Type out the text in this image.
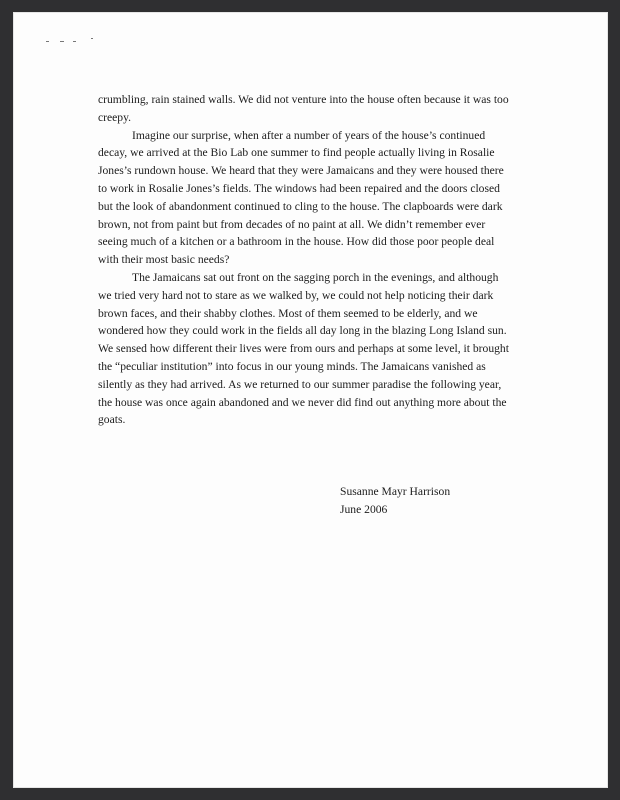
crumbling, rain stained walls. We did not venture into the house often because it was too
creepy.
Imagine our surprise, when after a number of years of the house’s continued
decay, we arrived at the Bio Lab one summer to find people actually living in Rosalie
Jones’s rundown house. We heard that they were Jamaicans and they were housed there
to work in Rosalie Jones’s fields. The windows had been repaired and the doors closed
but the look of abandonment continued to cling to the house. The clapboards were dark
brown, not from paint but from decades of no paint at all. We didn’t remember ever
seeing much of a kitchen or a bathroom in the house. How did those poor people deal
with their most basic needs?
The Jamaicans sat out front on the sagging porch in the evenings, and although
we tried very hard not to stare as we walked by, we could not help noticing their dark
brown faces, and their shabby clothes. Most of them seemed to be elderly, and we
wondered how they could work in the fields all day long in the blazing Long Island sun.
We sensed how different their lives were from ours and perhaps at some level, it brought
the “peculiar institution” into focus in our young minds. The Jamaicans vanished as
silently as they had arrived. As we returned to our summer paradise the following year,
the house was once again abandoned and we never did find out anything more about the
goats.
Susanne Mayr Harrison
June 2006
